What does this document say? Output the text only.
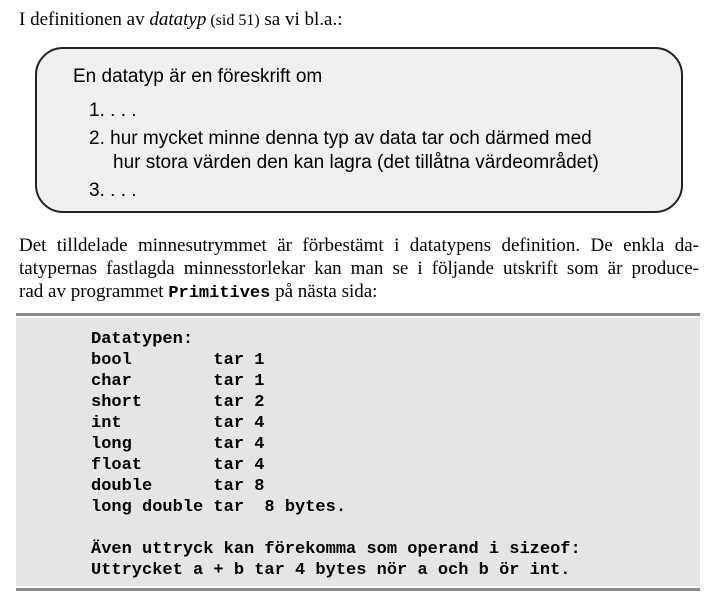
I definitionen av datatyp (sid 51) sa vi bl.a.:
En datatyp är en föreskrift om
1. . . .
2. hur mycket minne denna typ av data tar och därmed med
hur stora värden den kan lagra (det tillåtna värdeområdet)
3. . . .
Det tilldelade minnesutrymmet är förbestämt i datatypens definition. De enkla da-
tatypernas fastlagda minnesstorlekar kan man se i följande utskrift som är produce-
rad av programmet Primitives på nästa sida:
Datatypen:
bool        tar 1
char        tar 1
short       tar 2
int         tar 4
long        tar 4
float       tar 4
double      tar 8
long double tar  8 bytes.
Även uttryck kan förekomma som operand i sizeof:
Uttrycket a + b tar 4 bytes nör a och b ör int.
